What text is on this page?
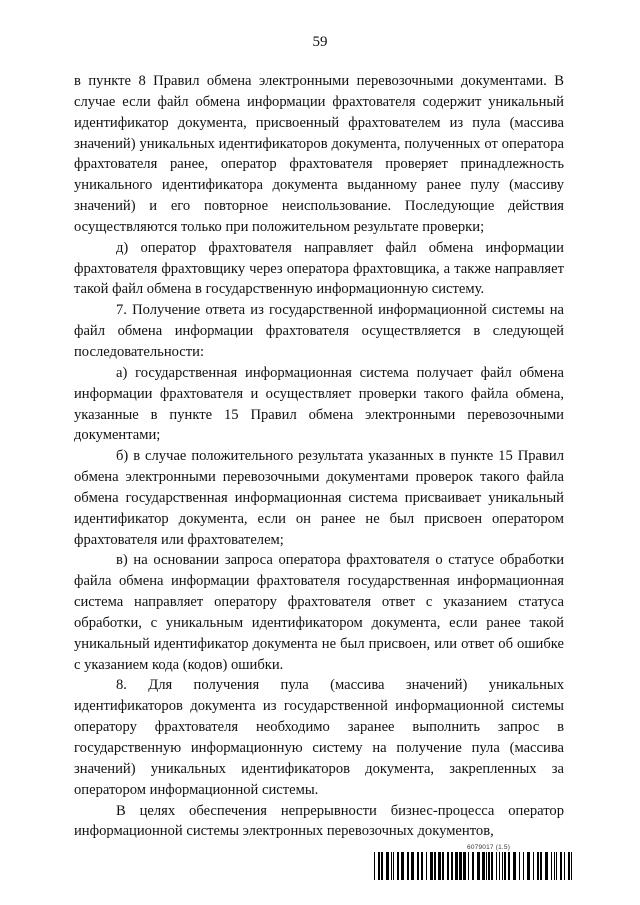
59

в пункте 8 Правил обмена электронными перевозочными документами. В случае если файл обмена информации фрахтователя содержит уникальный идентификатор документа, присвоенный фрахтователем из пула (массива значений) уникальных идентификаторов документа, полученных от оператора фрахтователя ранее, оператор фрахтователя проверяет принадлежность уникального идентификатора документа выданному ранее пулу (массиву значений) и его повторное неиспользование. Последующие действия осуществляются только при положительном результате проверки;

д) оператор фрахтователя направляет файл обмена информации фрахтователя фрахтовщику через оператора фрахтовщика, а также направляет такой файл обмена в государственную информационную систему.

7. Получение ответа из государственной информационной системы на файл обмена информации фрахтователя осуществляется в следующей последовательности:

а) государственная информационная система получает файл обмена информации фрахтователя и осуществляет проверки такого файла обмена, указанные в пункте 15 Правил обмена электронными перевозочными документами;

б) в случае положительного результата указанных в пункте 15 Правил обмена электронными перевозочными документами проверок такого файла обмена государственная информационная система присваивает уникальный идентификатор документа, если он ранее не был присвоен оператором фрахтователя или фрахтователем;

в) на основании запроса оператора фрахтователя о статусе обработки файла обмена информации фрахтователя государственная информационная система направляет оператору фрахтователя ответ с указанием статуса обработки, с уникальным идентификатором документа, если ранее такой уникальный идентификатор документа не был присвоен, или ответ об ошибке с указанием кода (кодов) ошибки.

8. Для получения пула (массива значений) уникальных идентификаторов документа из государственной информационной системы оператору фрахтователя необходимо заранее выполнить запрос в государственную информационную систему на получение пула (массива значений) уникальных идентификаторов документа, закрепленных за оператором информационной системы.

В целях обеспечения непрерывности бизнес-процесса оператор информационной системы электронных перевозочных документов,

6079017 (1.5)
